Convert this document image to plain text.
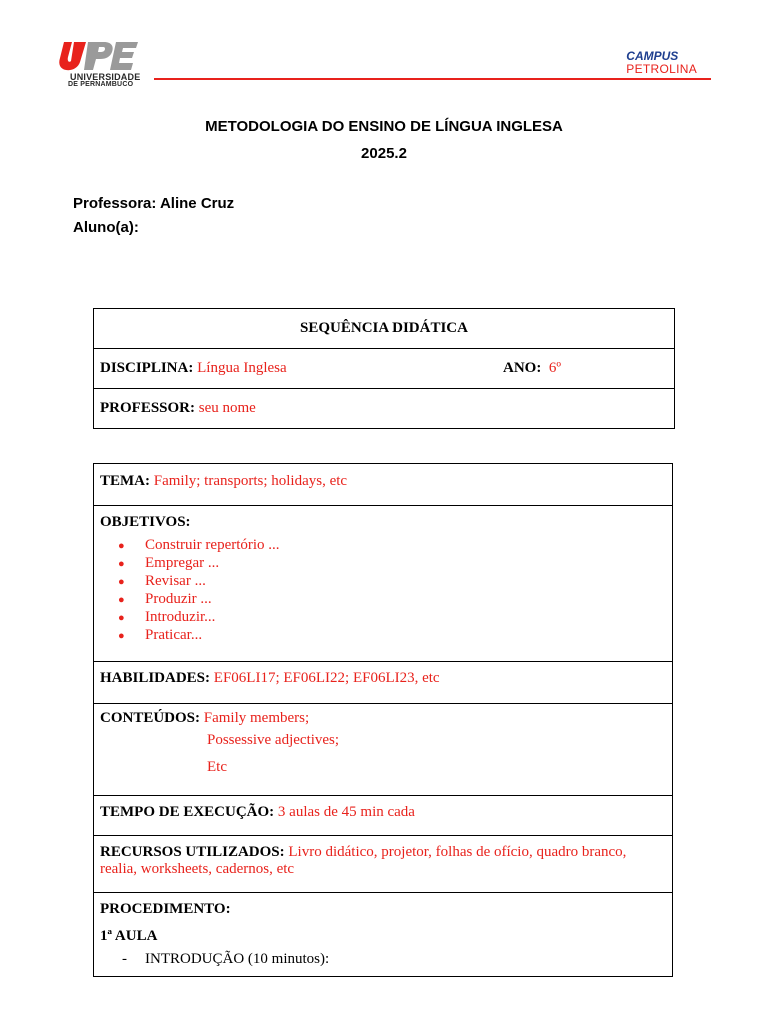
UNIVERSIDADE
DE PERNAMBUCO
CAMPUS
PETROLINA
METODOLOGIA DO ENSINO DE LÍNGUA INGLESA
2025.2
Professora: Aline Cruz
Aluno(a):
SEQUÊNCIA DIDÁTICA

DISCIPLINA: Língua Inglesa	ANO: 6º

PROFESSOR: seu nome
TEMA: Family; transports; holidays, etc

OBJETIVOS:
● Construir repertório ...
● Empregar ...
● Revisar ...
● Produzir ...
● Introduzir...
● Praticar...

HABILIDADES: EF06LI17; EF06LI22; EF06LI23, etc

CONTEÚDOS: Family members;
Possessive adjectives;
Etc

TEMPO DE EXECUÇÃO: 3 aulas de 45 min cada
RECURSOS UTILIZADOS: Livro didático, projetor, folhas de ofício, quadro branco, realia, worksheets, cadernos, etc

PROCEDIMENTO:
1ª AULA
- INTRODUÇÃO (10 minutos):
